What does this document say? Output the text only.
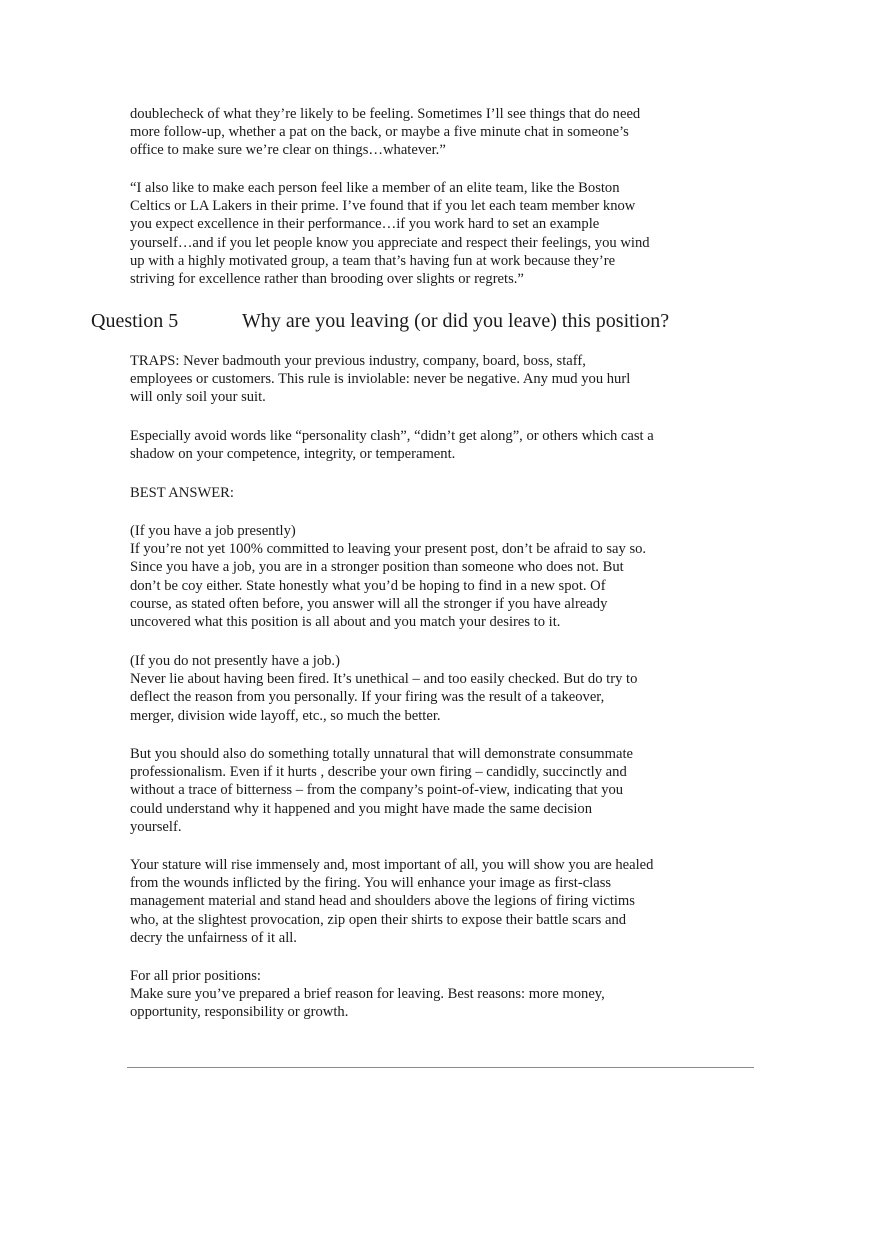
doublecheck of what they’re likely to be feeling. Sometimes I’ll see things that do need
more follow-up, whether a pat on the back, or maybe a five minute chat in someone’s
office to make sure we’re clear on things…whatever.”
“I also like to make each person feel like a member of an elite team, like the Boston
Celtics or LA Lakers in their prime. I’ve found that if you let each team member know
you expect excellence in their performance…if you work hard to set an example
yourself…and if you let people know you appreciate and respect their feelings, you wind
up with a highly motivated group, a team that’s having fun at work because they’re
striving for excellence rather than brooding over slights or regrets.”
Question 5	Why are you leaving (or did you leave) this position?
TRAPS: Never badmouth your previous industry, company, board, boss, staff,
employees or customers. This rule is inviolable: never be negative. Any mud you hurl
will only soil your suit.
Especially avoid words like “personality clash”, “didn’t get along”, or others which cast a
shadow on your competence, integrity, or temperament.
BEST ANSWER:
(If you have a job presently)
If you’re not yet 100% committed to leaving your present post, don’t be afraid to say so.
Since you have a job, you are in a stronger position than someone who does not. But
don’t be coy either. State honestly what you’d be hoping to find in a new spot. Of
course, as stated often before, you answer will all the stronger if you have already
uncovered what this position is all about and you match your desires to it.
(If you do not presently have a job.)
Never lie about having been fired. It’s unethical – and too easily checked. But do try to
deflect the reason from you personally. If your firing was the result of a takeover,
merger, division wide layoff, etc., so much the better.
But you should also do something totally unnatural that will demonstrate consummate
professionalism. Even if it hurts , describe your own firing – candidly, succinctly and
without a trace of bitterness – from the company’s point-of-view, indicating that you
could understand why it happened and you might have made the same decision
yourself.
Your stature will rise immensely and, most important of all, you will show you are healed
from the wounds inflicted by the firing. You will enhance your image as first-class
management material and stand head and shoulders above the legions of firing victims
who, at the slightest provocation, zip open their shirts to expose their battle scars and
decry the unfairness of it all.
For all prior positions:
Make sure you’ve prepared a brief reason for leaving. Best reasons: more money,
opportunity, responsibility or growth.
